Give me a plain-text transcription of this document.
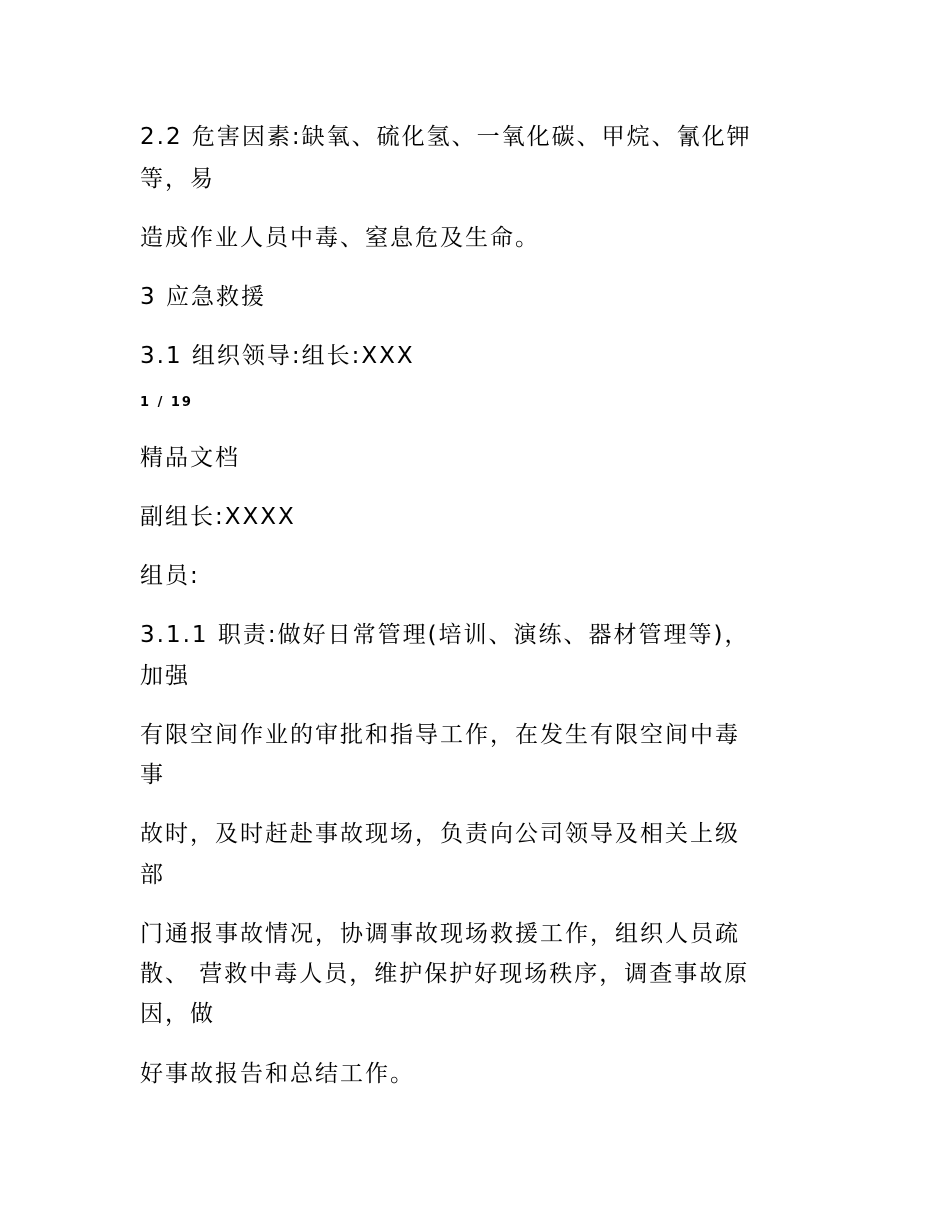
2.2 危害因素:缺氧、硫化氢、一氧化碳、甲烷、氰化钾
等，易
造成作业人员中毒、窒息危及生命。
3 应急救援
3.1 组织领导:组长:XXX
1 / 19
精品文档
副组长:XXXX
组员:
3.1.1 职责:做好日常管理(培训、演练、器材管理等)，
加强
有限空间作业的审批和指导工作，在发生有限空间中毒
事
故时，及时赶赴事故现场，负责向公司领导及相关上级
部
门通报事故情况，协调事故现场救援工作，组织人员疏
散、 营救中毒人员，维护保护好现场秩序，调查事故原
因，做
好事故报告和总结工作。
